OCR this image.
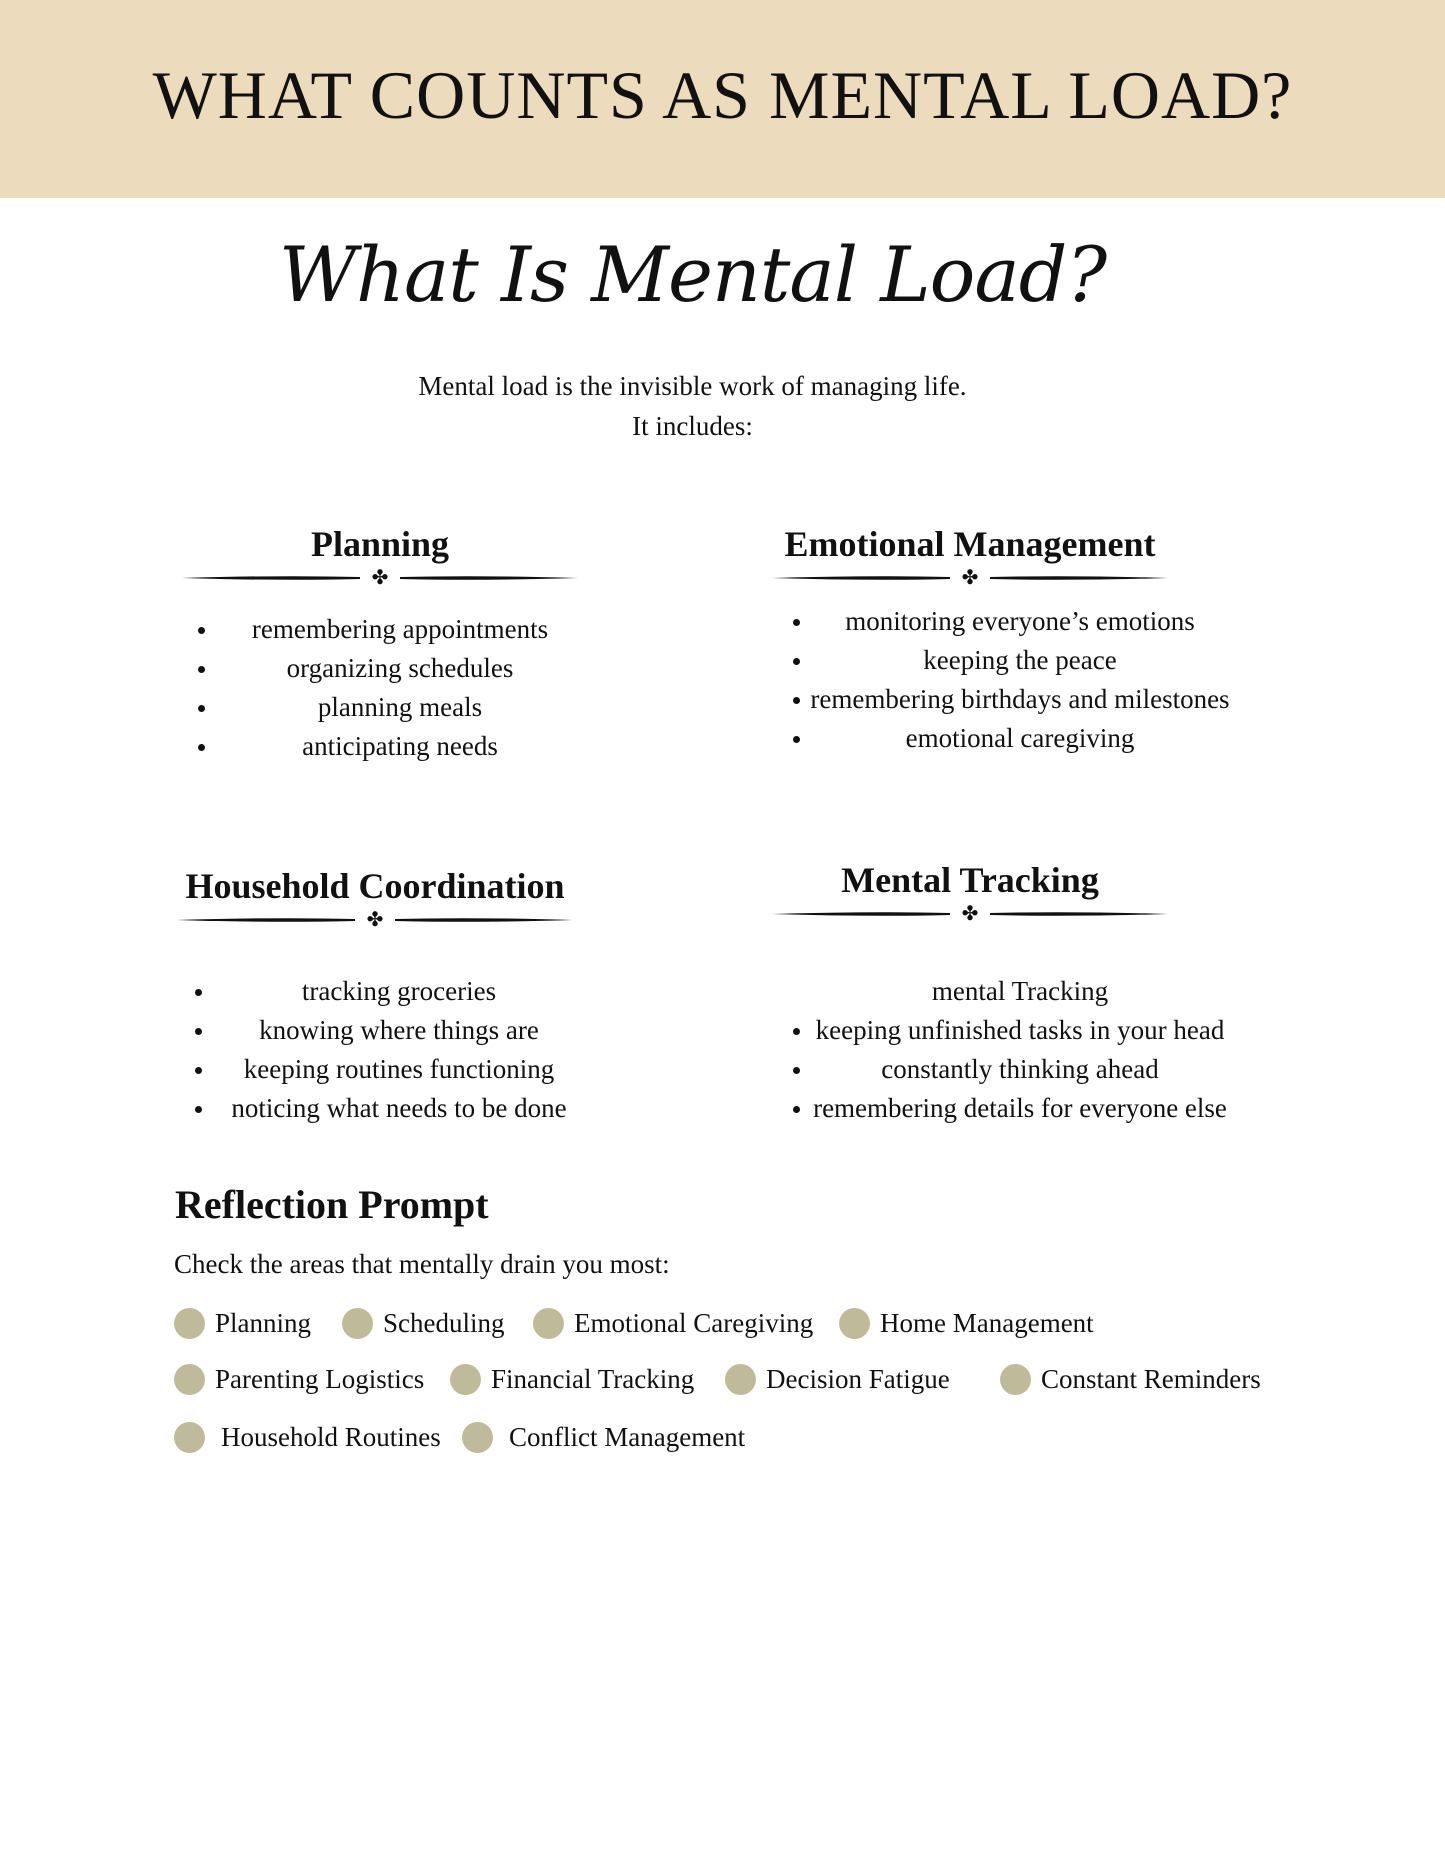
WHAT COUNTS AS MENTAL LOAD?
What Is Mental Load?
Mental load is the invisible work of managing life.
It includes:
Planning
✤
remembering appointments
organizing schedules
planning meals
anticipating needs
Emotional Management
✤
monitoring everyone’s emotions
keeping the peace
remembering birthdays and milestones
emotional caregiving
Household Coordination
✤
tracking groceries
knowing where things are
keeping routines functioning
noticing what needs to be done
Mental Tracking
✤
mental Tracking
keeping unfinished tasks in your head
constantly thinking ahead
remembering details for everyone else
Reflection Prompt
Check the areas that mentally drain you most:
Planning	Scheduling	Emotional Caregiving Home Management
Parenting Logistics Financial Tracking	Decision Fatigue	Constant Reminders
Household Routines	Conflict Management
